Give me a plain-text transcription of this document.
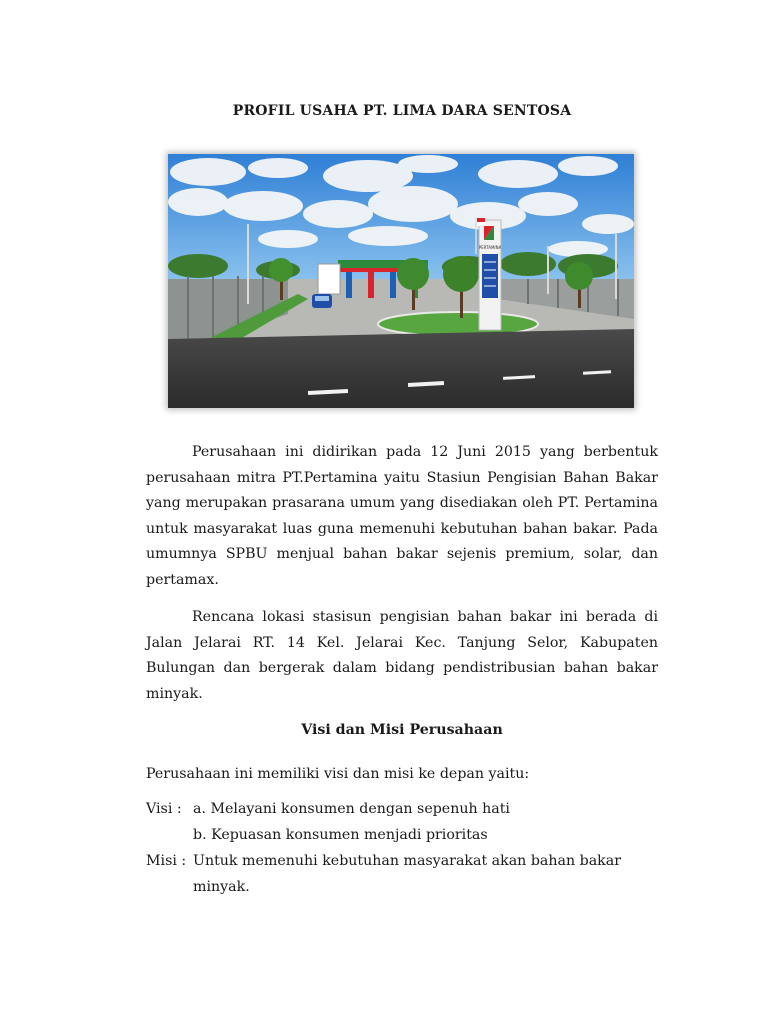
PROFIL USAHA PT. LIMA DARA SENTOSA
PERTAMINA
Perusahaan ini didirikan pada 12 Juni 2015 yang berbentuk perusahaan mitra PT.Pertamina yaitu Stasiun Pengisian Bahan Bakar yang merupakan prasarana umum yang disediakan oleh PT. Pertamina untuk masyarakat luas guna memenuhi kebutuhan bahan bakar. Pada umumnya SPBU menjual bahan bakar sejenis premium, solar, dan pertamax.
Rencana lokasi stasisun pengisian bahan bakar ini berada di Jalan Jelarai RT. 14 Kel. Jelarai Kec. Tanjung Selor, Kabupaten Bulungan dan bergerak dalam bidang pendistribusian bahan bakar minyak.
Visi dan Misi Perusahaan
Perusahaan ini memiliki visi dan misi ke depan yaitu:
Visi : a. Melayani konsumen dengan sepenuh hati
b. Kepuasan konsumen menjadi prioritas
Misi : Untuk memenuhi kebutuhan masyarakat akan bahan bakar
minyak.
